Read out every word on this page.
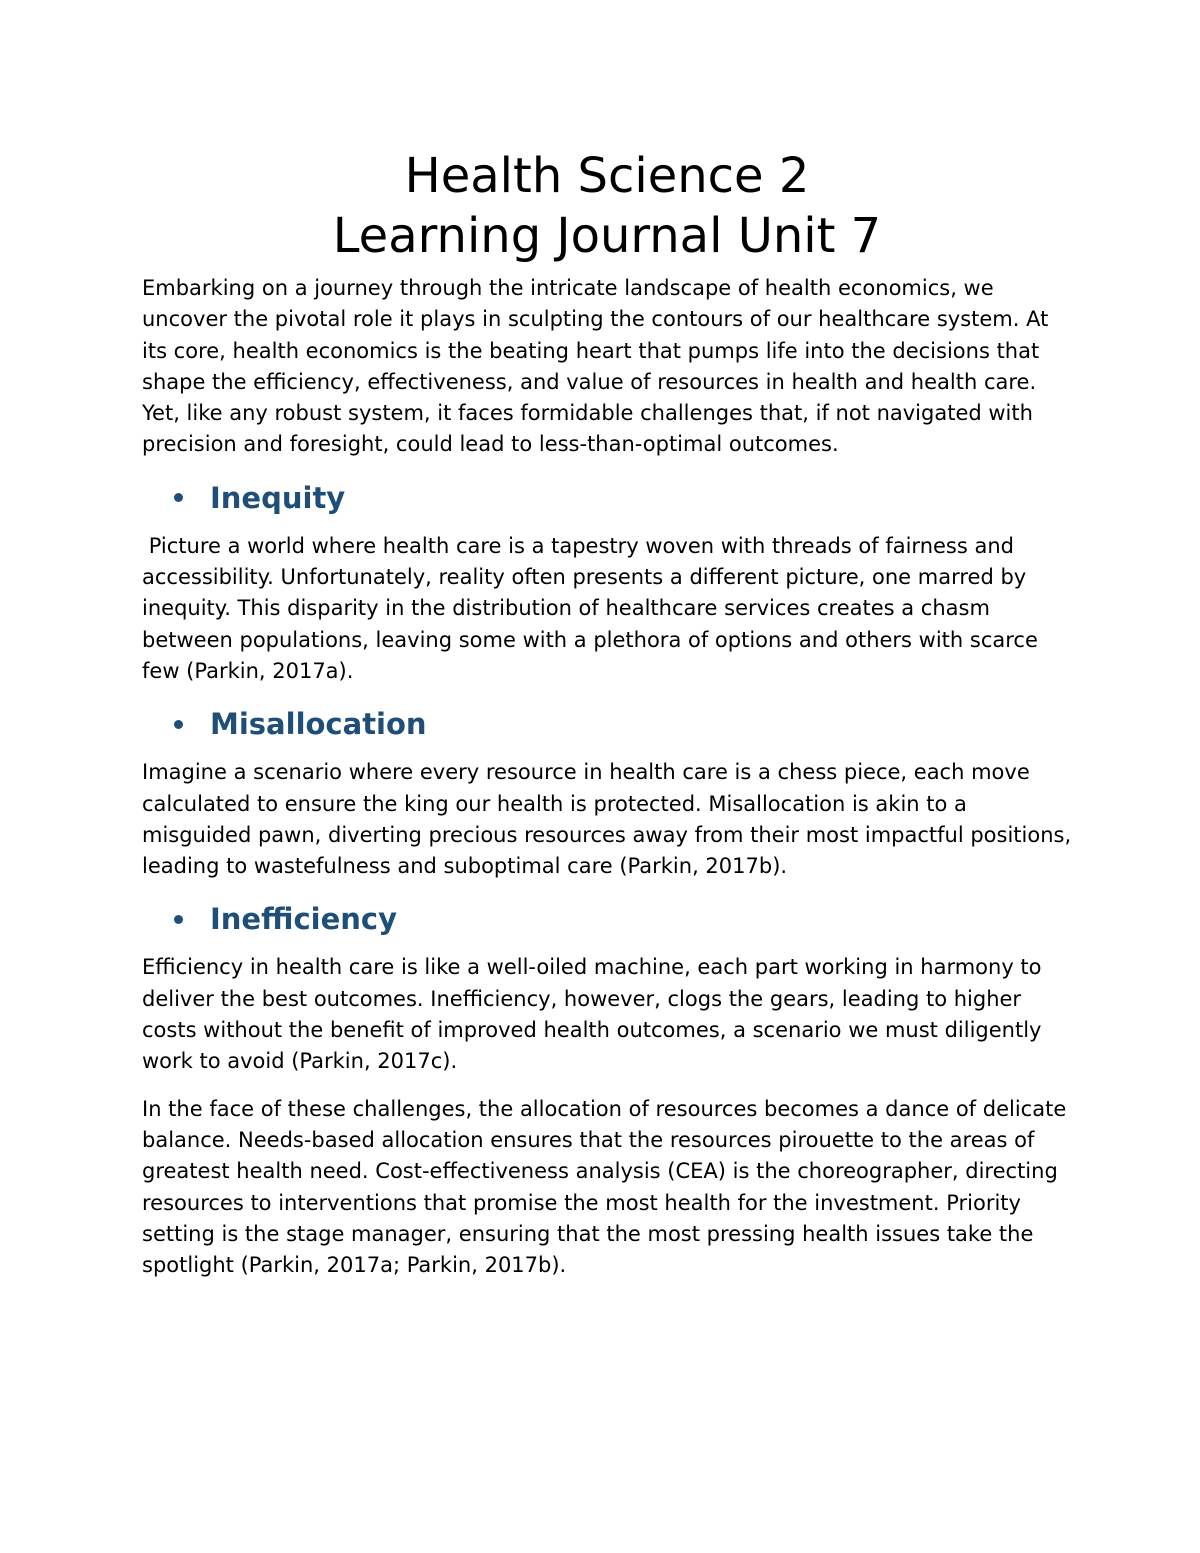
Health Science 2
Learning Journal Unit 7

Embarking on a journey through the intricate landscape of health economics, we uncover the pivotal role it plays in sculpting the contours of our healthcare system. At its core, health economics is the beating heart that pumps life into the decisions that shape the efficiency, effectiveness, and value of resources in health and health care. Yet, like any robust system, it faces formidable challenges that, if not navigated with precision and foresight, could lead to less-than-optimal outcomes.

Inequity

Picture a world where health care is a tapestry woven with threads of fairness and accessibility. Unfortunately, reality often presents a different picture, one marred by inequity. This disparity in the distribution of healthcare services creates a chasm between populations, leaving some with a plethora of options and others with scarce few (Parkin, 2017a).

Misallocation

Imagine a scenario where every resource in health care is a chess piece, each move calculated to ensure the king our health is protected. Misallocation is akin to a misguided pawn, diverting precious resources away from their most impactful positions, leading to wastefulness and suboptimal care (Parkin, 2017b).

Inefficiency

Efficiency in health care is like a well-oiled machine, each part working in harmony to deliver the best outcomes. Inefficiency, however, clogs the gears, leading to higher costs without the benefit of improved health outcomes, a scenario we must diligently work to avoid (Parkin, 2017c).

In the face of these challenges, the allocation of resources becomes a dance of delicate balance. Needs-based allocation ensures that the resources pirouette to the areas of greatest health need. Cost-effectiveness analysis (CEA) is the choreographer, directing resources to interventions that promise the most health for the investment. Priority setting is the stage manager, ensuring that the most pressing health issues take the spotlight (Parkin, 2017a; Parkin, 2017b).
